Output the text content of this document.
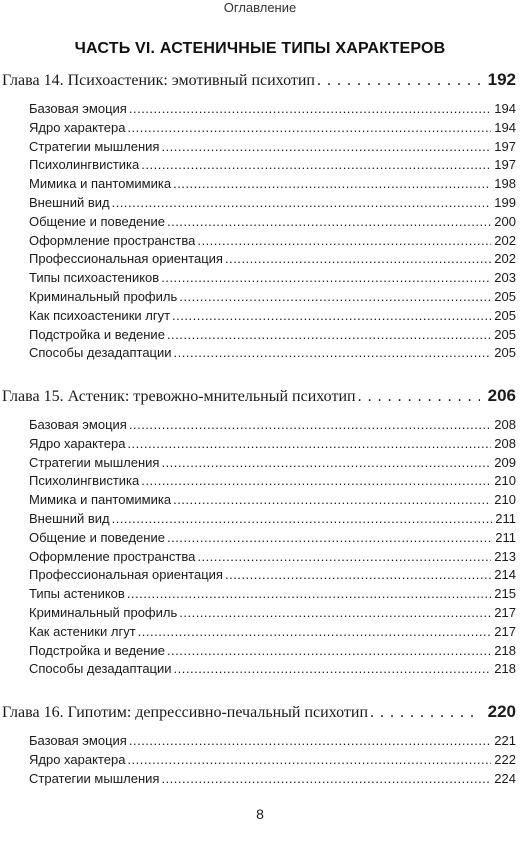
Оглавление
ЧАСТЬ VI. АСТЕНИЧНЫЕ ТИПЫ ХАРАКТЕРОВ
Глава 14. Психоастеник: эмотивный психотип . . .	192
Базовая эмоция .....	194
Ядро характера .....	194
Стратегии мышления .....	197
Психолингвистика .....	197
Мимика и пантомимика .....	198
Внешний вид .....	199
Общение и поведение .....	200
Оформление пространства .....	202
Профессиональная ориентация .....	202
Типы психоастеников .....	203
Криминальный профиль .....	205
Как психоастеники лгут .....	205
Подстройка и ведение .....	205
Способы дезадаптации .....	205
Глава 15. Астеник: тревожно-мнительный психотип . . .	206
Базовая эмоция .....	208
Ядро характера .....	208
Стратегии мышления .....	209
Психолингвистика .....	210
Мимика и пантомимика .....	210
Внешний вид .....	211
Общение и поведение .....	211
Оформление пространства .....	213
Профессиональная ориентация .....	214
Типы астеников .....	215
Криминальный профиль .....	217
Как астеники лгут .....	217
Подстройка и ведение .....	218
Способы дезадаптации .....	218
Глава 16. Гипотим: депрессивно-печальный психотип . . .	220
Базовая эмоция .....	221
Ядро характера .....	222
Стратегии мышления .....	224
8
